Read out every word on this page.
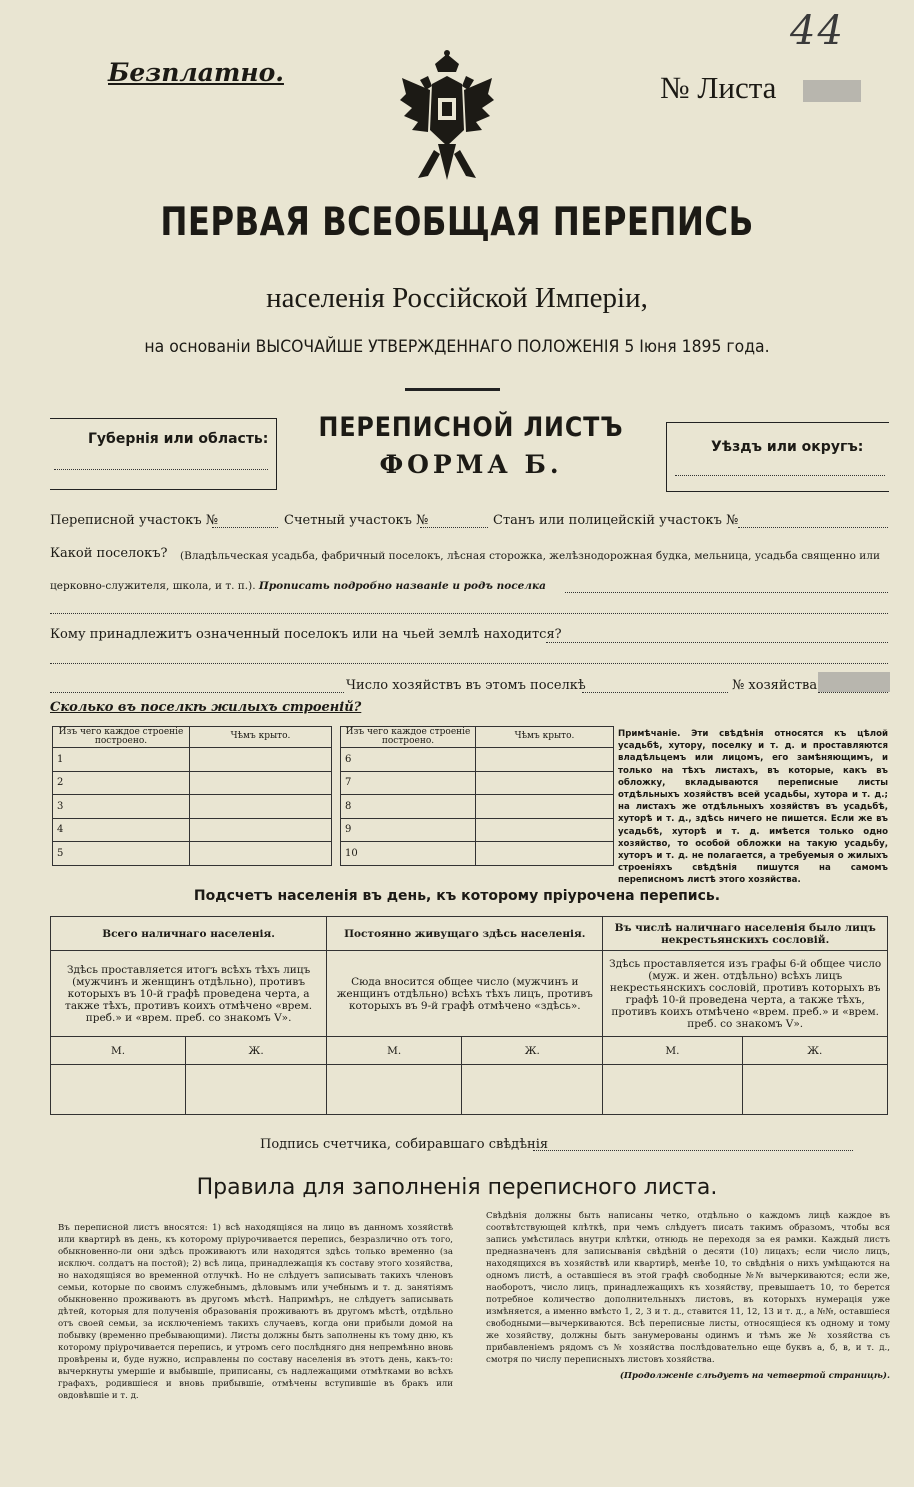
Безплатно.
44
№ Листа
ПЕРВАЯ ВСЕОБЩАЯ ПЕРЕПИСЬ
населенія Россійской Имперіи,
на основаніи ВЫСОЧАЙШЕ УТВЕРЖДЕННАГО ПОЛОЖЕНІЯ 5 Іюня 1895 года.
Губернія или область: ПЕРЕПИСНОЙ ЛИСТЪ
ФОРМА Б.
Уѣздъ или округъ:
Переписной участокъ №	Счетный участокъ №	Станъ или полицейскій участокъ №
Какой поселокъ? (Владѣльческая усадьба, фабричный поселокъ, лѣсная сторожка, желѣзнодорожная будка, мельница, усадьба священно или
церковно-служителя, школа, и т. п.). Прописать подробно названіе и родъ поселка
Кому принадлежитъ означенный поселокъ или на чьей землѣ находится?
Число хозяйствъ въ этомъ поселкѣ	№ хозяйства
Сколько въ поселкѣ жилыхъ строеній?
Изъ чего каждое строеніе построено.	Чѣмъ крыто.
1	
2	
3	
4	
5	
Изъ чего каждое строеніе построено.	Чѣмъ крыто.
6	
7	
8	
9	
10	
Примѣчаніе. Эти свѣдѣнія относятся къ цѣлой усадьбѣ, хутору, поселку и т. д. и проставляются владѣльцемъ или лицомъ, его замѣняющимъ, и только на тѣхъ листахъ, въ которые, какъ въ обложку, вкладываются переписные листы отдѣльныхъ хозяйствъ всей усадьбы, хутора и т. д.; на листахъ же отдѣльныхъ хозяйствъ въ усадьбѣ, хуторѣ и т. д., здѣсь ничего не пишется. Если же въ усадьбѣ, хуторѣ и т. д. имѣется только одно хозяйство, то особой обложки на такую усадьбу, хуторъ и т. д. не полагается, а требуемыя о жилыхъ строеніяхъ свѣдѣнія пишутся на самомъ переписномъ листѣ этого хозяйства.
Подсчетъ населенія въ день, къ которому пріурочена перепись.
Всего наличнаго населенія.		Постоянно живущаго здѣсь населенія.		Въ числѣ наличнаго населенія было лицъ некрестьянскихъ сословій.	
Здѣсь проставляется итогъ всѣхъ тѣхъ лицъ (мужчинъ и женщинъ отдѣльно), противъ которыхъ въ 10-й графѣ проведена черта, а также тѣхъ, противъ коихъ отмѣчено «врем. преб.» и «врем. преб. со знакомъ V».		Сюда вносится общее число (мужчинъ и женщинъ отдѣльно) всѣхъ тѣхъ лицъ, противъ которыхъ въ 9-й графѣ отмѣчено «здѣсь».		Здѣсь проставляется изъ графы 6-й общее число (муж. и жен. отдѣльно) всѣхъ лицъ некрестьянскихъ сословій, противъ которыхъ въ графѣ 10-й проведена черта, а также тѣхъ, противъ коихъ отмѣчено «врем. преб.» и «врем. преб. со знакомъ V».	
М.	Ж.	М.	Ж.	М.	Ж.

Подпись счетчика, собиравшаго свѣдѣнія
Правила для заполненія переписного листа.
Въ переписной листъ вносятся: 1) всѣ находящіяся на лицо въ данномъ хозяйствѣ или квартирѣ въ день, къ которому пріурочивается перепись, безразлично отъ того, обыкновенно-ли они здѣсь проживаютъ или находятся здѣсь только временно (за исключ. солдатъ на постой); 2) всѣ лица, принадлежащія къ составу этого хозяйства, но находящіяся во временной отлучкѣ. Но не слѣдуетъ записывать такихъ членовъ семьи, которые по своимъ служебнымъ, дѣловымъ или учебнымъ и т. д. занятіямъ обыкновенно проживаютъ въ другомъ мѣстѣ. Напримѣръ, не слѣдуетъ записывать дѣтей, которыя для полученія образованія проживаютъ въ другомъ мѣстѣ, отдѣльно отъ своей семьи, за исключеніемъ такихъ случаевъ, когда они прибыли домой на побывку (временно пребывающими). Листы должны быть заполнены къ тому дню, къ которому пріурочивается перепись, и утромъ сего послѣдняго дня непремѣнно вновь провѣрены и, буде нужно, исправлены по составу населенія въ этотъ день, какъ-то: вычеркнуты умершіе и выбывшіе, приписаны, съ надлежащими отмѣтками во всѣхъ графахъ, родившіеся и вновь прибывшіе, отмѣчены вступившіе въ бракъ или овдовѣвшіе и т. д.
Свѣдѣнія должны быть написаны четко, отдѣльно о каждомъ лицѣ каждое въ соотвѣтствующей клѣткѣ, при чемъ слѣдуетъ писать такимъ образомъ, чтобы вся запись умѣстилась внутри клѣтки, отнюдь не переходя за ея рамки. Каждый листъ предназначенъ для записыванія свѣдѣній о десяти (10) лицахъ; если число лицъ, находящихся въ хозяйствѣ или квартирѣ, менѣе 10, то свѣдѣнія о нихъ умѣщаются на одномъ листѣ, а оставшіеся въ этой графѣ свободные №№ вычеркиваются; если же, наоборотъ, число лицъ, принадлежащихъ къ хозяйству, превышаетъ 10, то берется потребное количество дополнительныхъ листовъ, въ которыхъ нумерація уже измѣняется, а именно вмѣсто 1, 2, 3 и т. д., ставится 11, 12, 13 и т. д., а №№, оставшіеся свободными—вычеркиваются. Всѣ переписные листы, относящіеся къ одному и тому же хозяйству, должны быть занумерованы одинмъ и тѣмъ же № хозяйства съ прибавленіемъ рядомъ съ № хозяйства послѣдовательно еще буквъ а, б, в, и т. д., смотря по числу переписныхъ листовъ хозяйства.
(Продолженіе слѣдуетъ на четвертой страницѣ).
